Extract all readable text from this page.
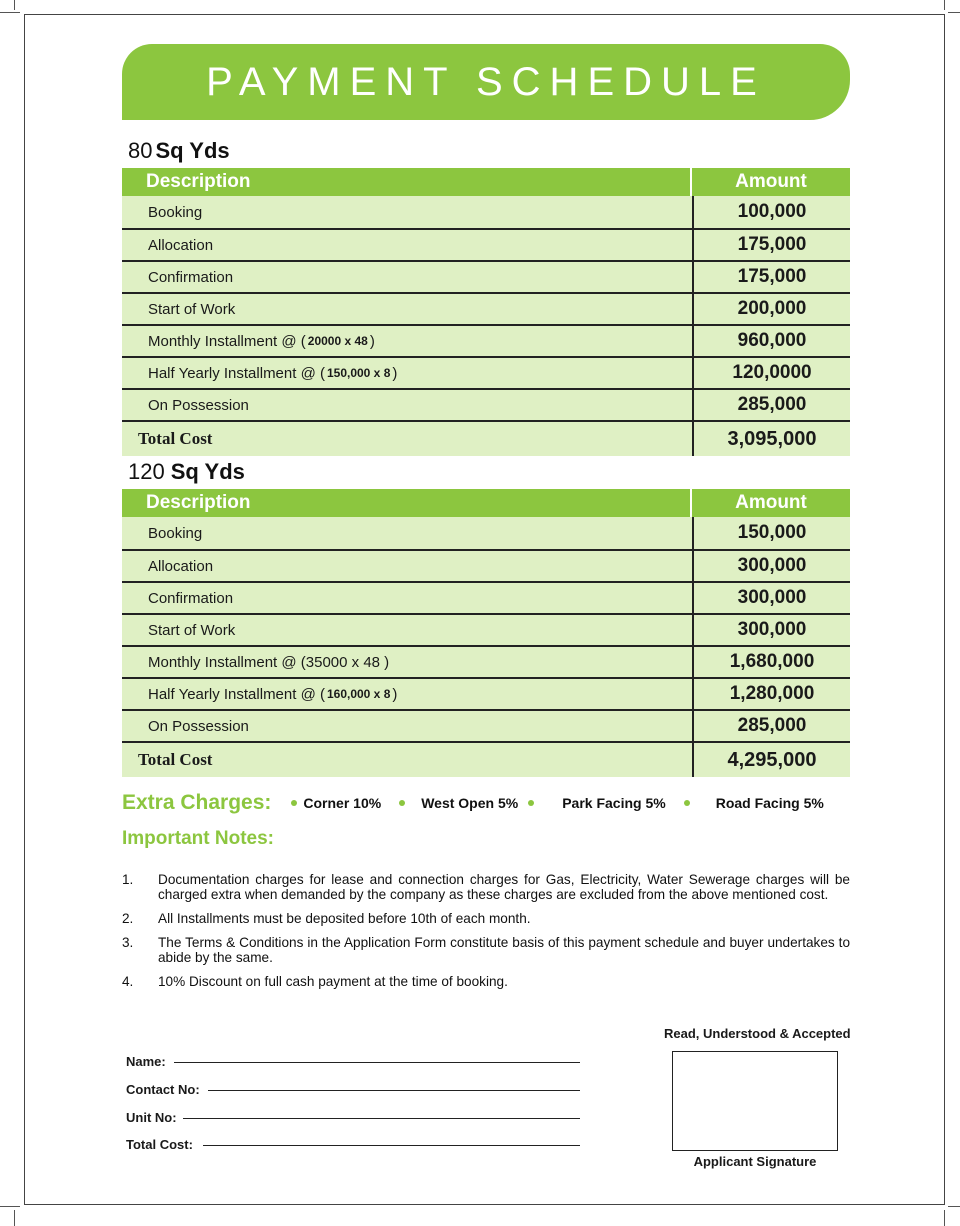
PAYMENT SCHEDULE
80 Sq Yds
Description	Amount
Booking	100,000
Allocation	175,000
Confirmation	175,000
Start of Work	200,000
Monthly Installment @ ( 20000 x 48 )	960,000
Half Yearly Installment @ ( 150,000 x 8 )	120,0000
On Possession	285,000
Total Cost	3,095,000
120 Sq Yds
Description	Amount
Booking	150,000
Allocation	300,000
Confirmation	300,000
Start of Work	300,000
Monthly Installment @ (35000 x 48 )	1,680,000
Half Yearly Installment @ ( 160,000 x 8 )	1,280,000
On Possession	285,000
Total Cost	4,295,000
Extra Charges: Corner 10%	West Open 5%	Park Facing 5%	Road Facing 5%
Important Notes:
1.	Documentation charges for lease and connection charges for Gas, Electricity, Water Sewerage charges will be charged extra when demanded by the company as these charges are excluded from the above mentioned cost.
2.	All Installments must be deposited before 10th of each month.
3.	The Terms & Conditions in the Application Form constitute basis of this payment schedule and buyer undertakes to abide by the same.
4.	10% Discount on full cash payment at the time of booking.
Name:
Contact No:
Unit No:
Total Cost:
Read, Understood & Accepted
Applicant Signature
